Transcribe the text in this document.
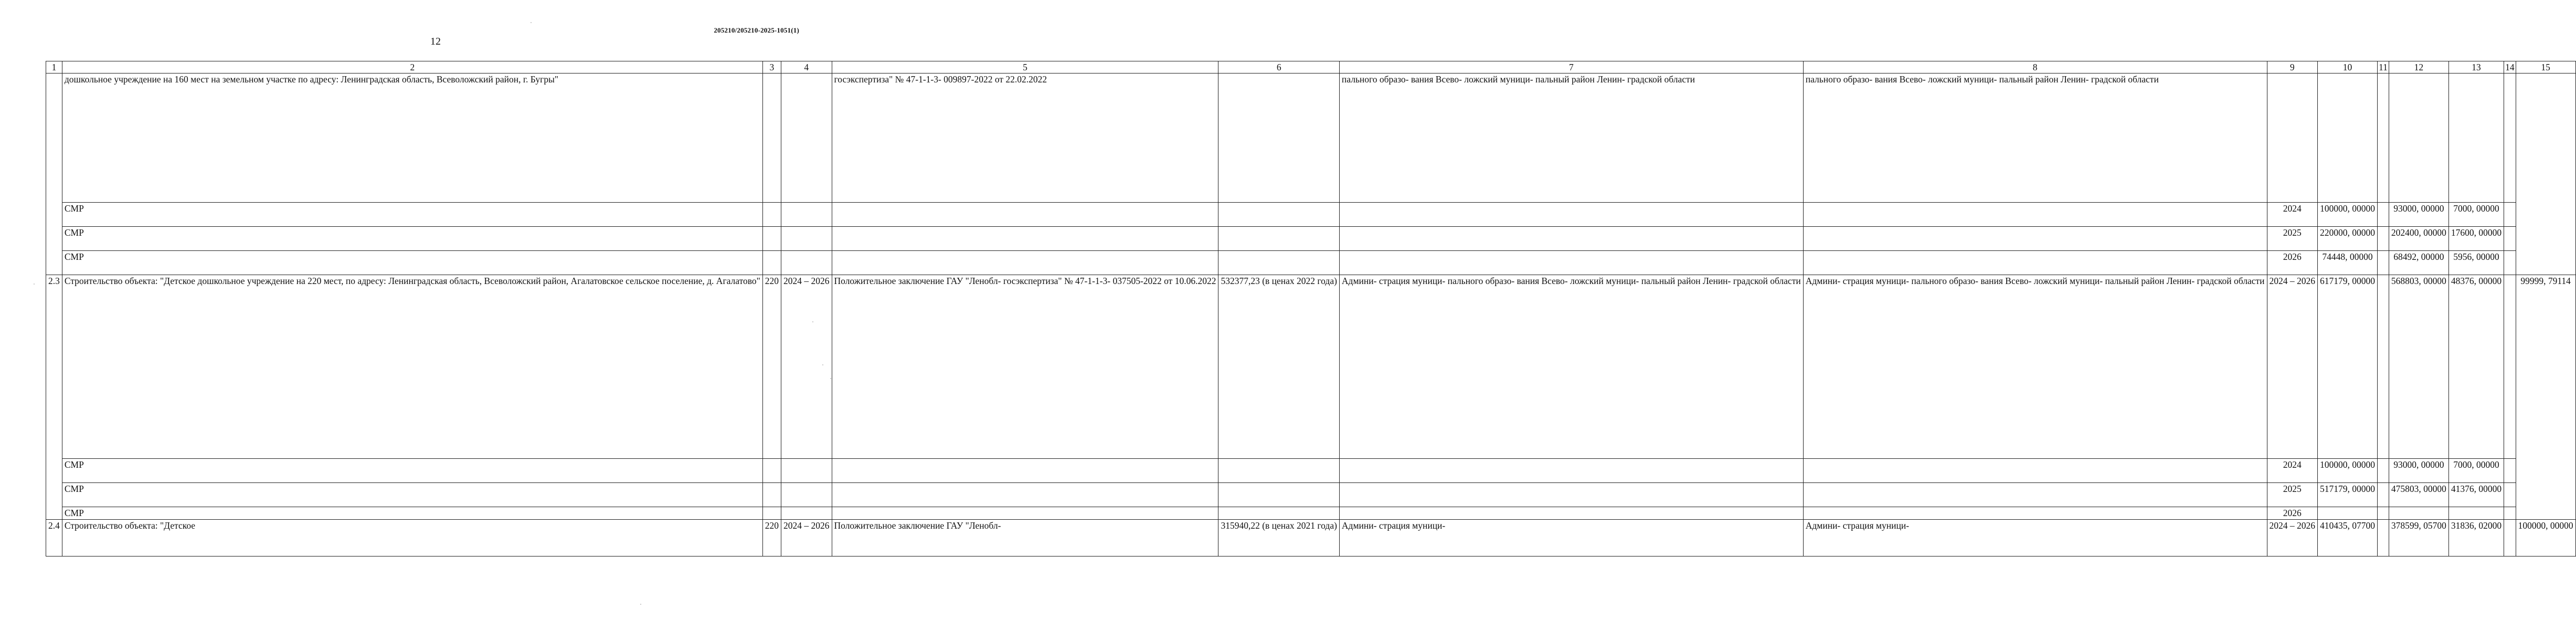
205210/205210-2025-1051(1)
12
1	2	3	4	5	6	7	8	9	10	11	12	13	14	15
	дошкольное учреждение на 160 мест на земельном участке по адресу: Ленинградская область, Всеволожский район, г. Бугры"			госэкспертиза" № 47-1-1-3- 009897-2022 от 22.02.2022		пального образо- вания Всево- ложский муници- пальный район Ленин- градской области	пального образо- вания Всево- ложский муници- пальный район Ленин- градской области							
	СМР							2024	100000, 00000		93000, 00000	7000, 00000		
	СМР							2025	220000, 00000		202400, 00000	17600, 00000		
	СМР							2026	74448, 00000		68492, 00000	5956, 00000		
2.3	Строительство объекта: "Детское дошкольное учреждение на 220 мест, по адресу: Ленинградская область, Всеволожский район, Агалатовское сельское поселение, д. Агалатово"	220	2024 – 2026	Положительное заключение ГАУ "Ленобл- госэкспертиза" № 47-1-1-3- 037505-2022 от 10.06.2022	532377,23 (в ценах 2022 года)	Админи- страция муници- пального образо- вания Всево- ложский муници- пальный район Ленин- градской области	Админи- страция муници- пального образо- вания Всево- ложский муници- пальный район Ленин- градской области	2024 – 2026	617179, 00000		568803, 00000	48376, 00000		99999, 79114
	СМР							2024	100000, 00000		93000, 00000	7000, 00000		
	СМР							2025	517179, 00000		475803, 00000	41376, 00000		
	СМР							2026						
2.4	Строительство объекта: "Детское	220	2024 – 2026	Положительное заключение ГАУ "Ленобл-	315940,22 (в ценах 2021 года)	Админи- страция муници-	Админи- страция муници-	2024 – 2026	410435, 07700		378599, 05700	31836, 02000		100000, 00000
